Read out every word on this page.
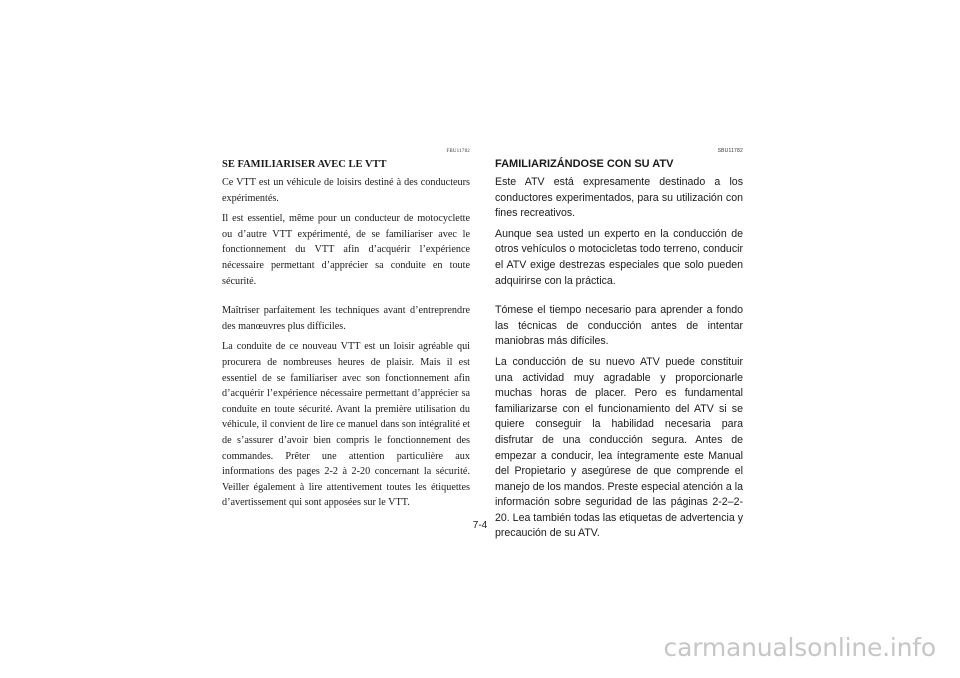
FBU11782
SE FAMILIARISER AVEC LE VTT

Ce VTT est un véhicule de loisirs destiné à des conducteurs expérimentés.

Il est essentiel, même pour un conducteur de motocyclette ou d’autre VTT expérimenté, de se familiariser avec le fonctionnement du VTT afin d’acquérir l’expérience nécessaire permettant d’apprécier sa conduite en toute sécurité.

Maîtriser parfaitement les techniques avant d’entreprendre des manœuvres plus difficiles.

La conduite de ce nouveau VTT est un loisir agréable qui procurera de nombreuses heures de plaisir. Mais il est essentiel de se familiariser avec son fonctionnement afin d’acquérir l’expérience nécessaire permettant d’apprécier sa conduite en toute sécurité. Avant la première utilisation du véhicule, il convient de lire ce manuel dans son intégralité et de s’assurer d’avoir bien compris le fonctionnement des commandes. Prêter une attention particulière aux informations des pages 2-2 à 2-20 concernant la sécurité. Veiller également à lire attentivement toutes les étiquettes d’avertissement qui sont apposées sur le VTT.

SBU11782
FAMILIARIZÁNDOSE CON SU ATV

Este ATV está expresamente destinado a los conductores experimentados, para su utilización con fines recreativos.

Aunque sea usted un experto en la conducción de otros vehículos o motocicletas todo terreno, conducir el ATV exige destrezas especiales que solo pueden adquirirse con la práctica.

Tómese el tiempo necesario para aprender a fondo las técnicas de conducción antes de intentar maniobras más difíciles.

La conducción de su nuevo ATV puede constituir una actividad muy agradable y proporcionarle muchas horas de placer. Pero es fundamental familiarizarse con el funcionamiento del ATV si se quiere conseguir la habilidad necesaria para disfrutar de una conducción segura. Antes de empezar a conducir, lea íntegramente este Manual del Propietario y asegúrese de que comprende el manejo de los mandos. Preste especial atención a la información sobre seguridad de las páginas 2-2–2-20. Lea también todas las etiquetas de advertencia y precaución de su ATV.

7-4
carmanualsonline.info
